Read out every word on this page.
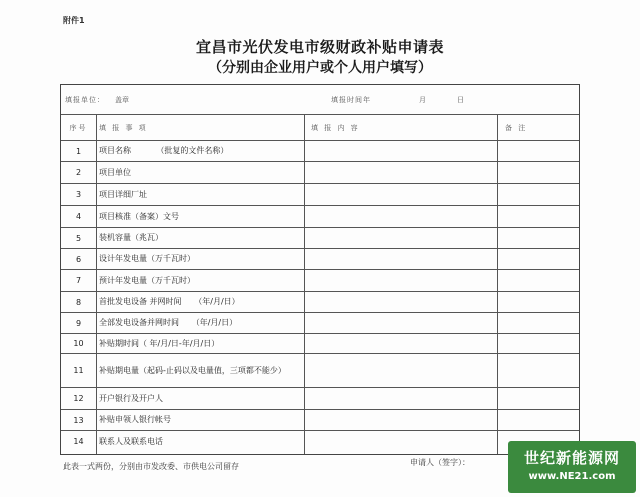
附件1
宜昌市光伏发电市级财政补贴申请表
（分别由企业用户或个人用户填写）
填报单位： 盖章	填报时间年	月	日
序号	填 报 事 项	填 报 内 容	备 注
1	项目名称          （批复的文件名称）
2	项目单位
3	项目详细厂址
4	项目核准（备案）文号
5	装机容量（兆瓦）
6	设计年发电量（万千瓦时）
7	预计年发电量（万千瓦时）
8	首批发电设备 并网时间     （年/月/日）
9	全部发电设备并网时间     （年/月/日）
10	补贴期时间（ 年/月/日-年/月/日）
11	补贴期电量（起码-止码以及电量值，三项都不能少）
12	开户银行及开户人
13	补贴申领人银行帐号
14	联系人及联系电话
此表一式两份，分别由市发改委、市供电公司留存	申请人（签字）：	世纪新能源网
www.NE21.com
